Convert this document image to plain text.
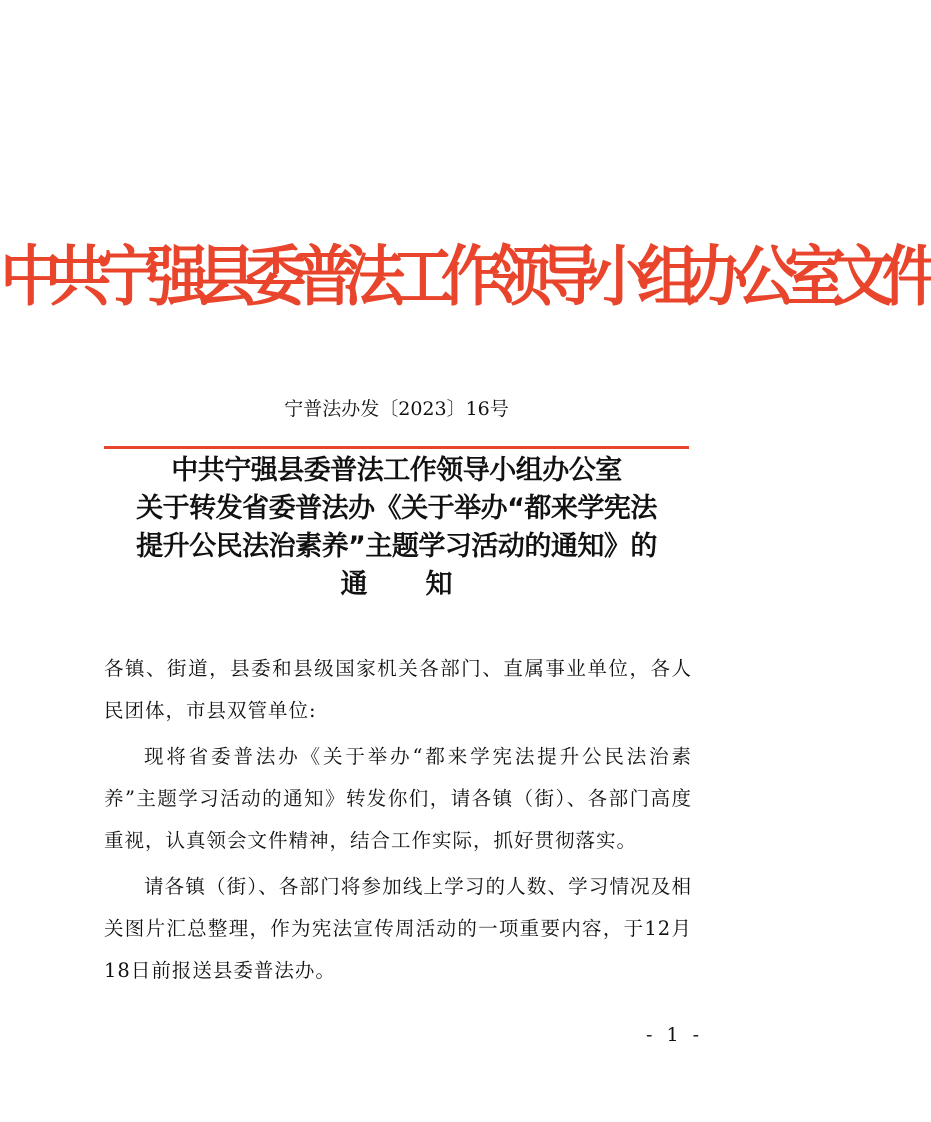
中共宁强县委普法工作领导小组办公室文件
宁普法办发〔2023〕16号
中共宁强县委普法工作领导小组办公室
关于转发省委普法办《关于举办“都来学宪法
提升公民法治素养”主题学习活动的通知》的
通知

各镇、街道，县委和县级国家机关各部门、直属事业单位，各人民团体，市县双管单位:

现将省委普法办《关于举办“都来学宪法提升公民法治素养”主题学习活动的通知》转发你们，请各镇（街）、各部门高度重视，认真领会文件精神，结合工作实际，抓好贯彻落实。

请各镇（街）、各部门将参加线上学习的人数、学习情况及相关图片汇总整理，作为宪法宣传周活动的一项重要内容，于12月18日前报送县委普法办。

- 1 -
